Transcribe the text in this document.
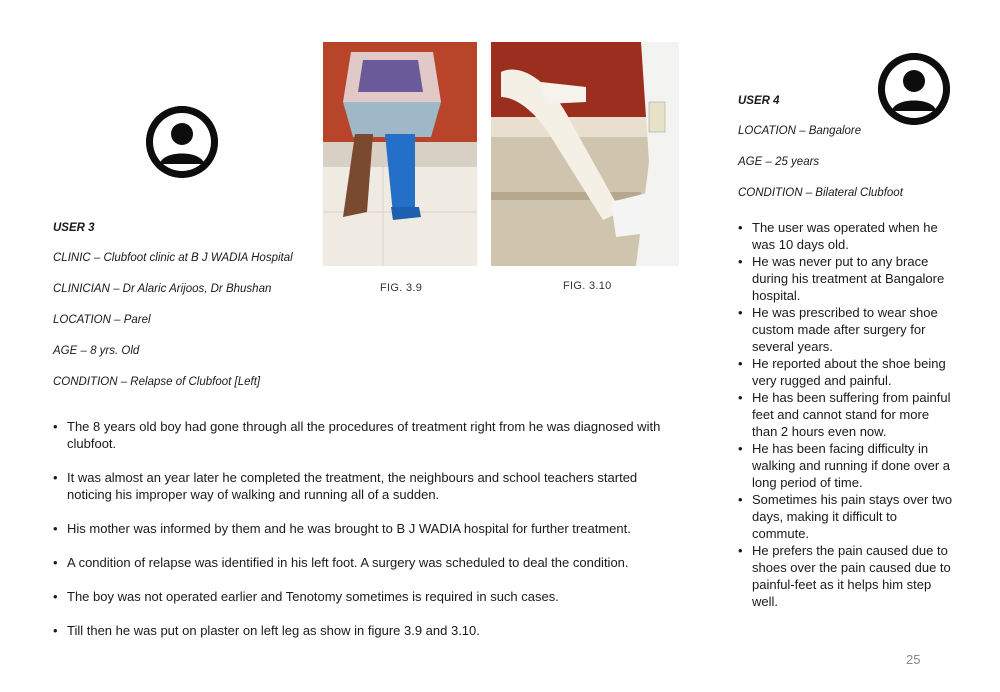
USER 3
CLINIC – Clubfoot clinic at B J WADIA Hospital
CLINICIAN – Dr Alaric Arijoos, Dr Bhushan
LOCATION – Parel
AGE – 8 yrs. Old
CONDITION – Relapse of Clubfoot [Left]
FIG. 3.9	FIG. 3.10
• The 8 years old boy had gone through all the procedures of treatment right from he was diagnosed with clubfoot.
• It was almost an year later he completed the treatment, the neighbours and school teachers started noticing his improper way of walking and running all of a sudden.
• His mother was informed by them and he was brought to B J WADIA hospital for further treatment.
• A condition of relapse was identified in his left foot. A surgery was scheduled to deal the condition.
• The boy was not operated earlier and Tenotomy sometimes is required in such cases.
• Till then he was put on plaster on left leg as show in figure 3.9 and 3.10.
USER 4
LOCATION – Bangalore
AGE – 25 years
CONDITION – Bilateral Clubfoot
• The user was operated when he was 10 days old.
• He was never put to any brace during his treatment at Bangalore hospital.
• He was prescribed to wear shoe custom made after surgery for several years.
• He reported about the shoe being very rugged and painful.
• He has been suffering from painful feet and cannot stand for more than 2 hours even now.
• He has been facing difficulty in walking and running if done over a long period of time.
• Sometimes his pain stays over two days, making it difficult to commute.
• He prefers the pain caused due to shoes over the pain caused due to painful-feet as it helps him step well.
25
